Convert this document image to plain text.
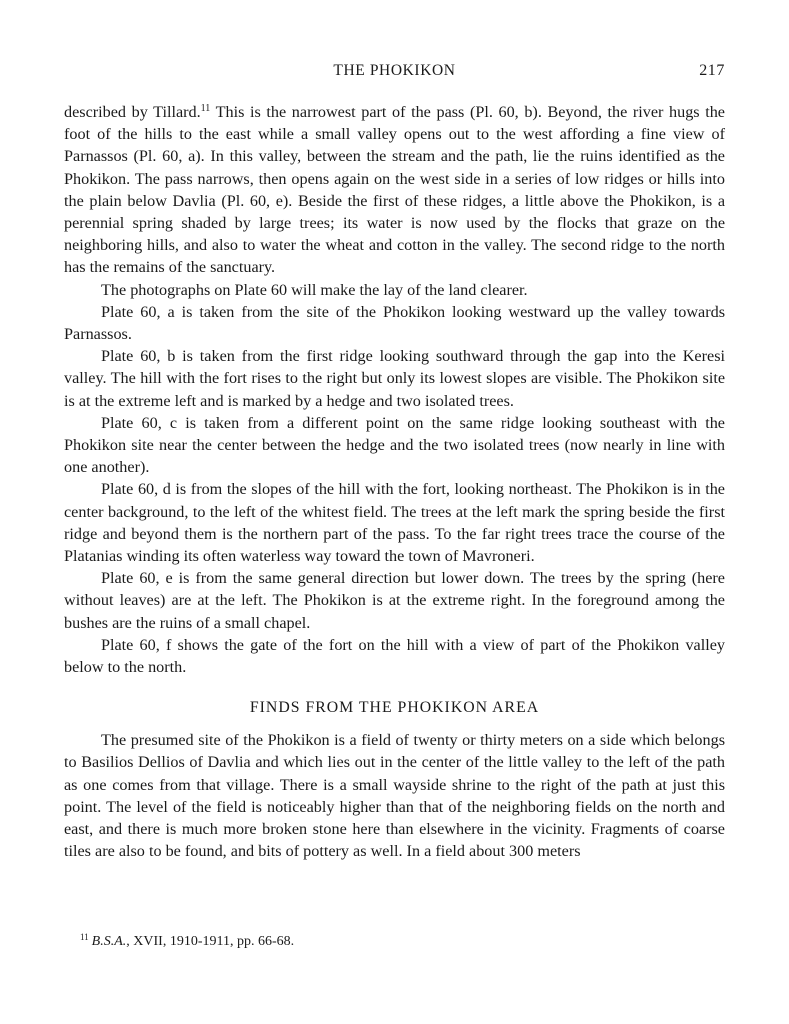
THE PHOKIKON	217

described by Tillard.$^{11}$ This is the narrowest part of the pass (Pl. 60, b). Beyond, the river hugs the foot of the hills to the east while a small valley opens out to the west affording a fine view of Parnassos (Pl. 60, a). In this valley, between the stream and the path, lie the ruins identified as the Phokikon. The pass narrows, then opens again on the west side in a series of low ridges or hills into the plain below Davlia (Pl. 60, e). Beside the first of these ridges, a little above the Phokikon, is a perennial spring shaded by large trees; its water is now used by the flocks that graze on the neighboring hills, and also to water the wheat and cotton in the valley. The second ridge to the north has the remains of the sanctuary.

The photographs on Plate 60 will make the lay of the land clearer.

Plate 60, a is taken from the site of the Phokikon looking westward up the valley towards Parnassos.

Plate 60, b is taken from the first ridge looking southward through the gap into the Keresi valley. The hill with the fort rises to the right but only its lowest slopes are visible. The Phokikon site is at the extreme left and is marked by a hedge and two isolated trees.

Plate 60, c is taken from a different point on the same ridge looking southeast with the Phokikon site near the center between the hedge and the two isolated trees (now nearly in line with one another).

Plate 60, d is from the slopes of the hill with the fort, looking northeast. The Phokikon is in the center background, to the left of the whitest field. The trees at the left mark the spring beside the first ridge and beyond them is the northern part of the pass. To the far right trees trace the course of the Platanias winding its often waterless way toward the town of Mavroneri.

Plate 60, e is from the same general direction but lower down. The trees by the spring (here without leaves) are at the left. The Phokikon is at the extreme right. In the foreground among the bushes are the ruins of a small chapel.

Plate 60, f shows the gate of the fort on the hill with a view of part of the Phokikon valley below to the north.

FINDS FROM THE PHOKIKON AREA

The presumed site of the Phokikon is a field of twenty or thirty meters on a side which belongs to Basilios Dellios of Davlia and which lies out in the center of the little valley to the left of the path as one comes from that village. There is a small wayside shrine to the right of the path at just this point. The level of the field is noticeably higher than that of the neighboring fields on the north and east, and there is much more broken stone here than elsewhere in the vicinity. Fragments of coarse tiles are also to be found, and bits of pottery as well. In a field about 300 meters

$^{11}$ B.S.A., XVII, 1910-1911, pp. 66-68.
